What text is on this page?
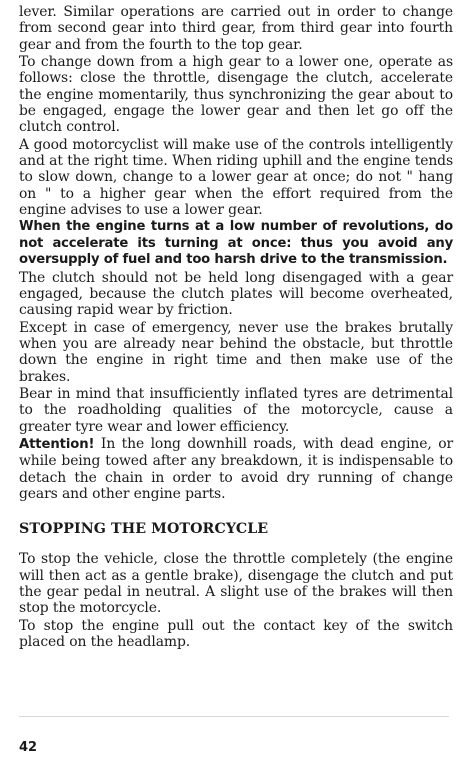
lever. Similar operations are carried out in order to change from second gear into third gear, from third gear into fourth gear and from the fourth to the top gear.

To change down from a high gear to a lower one, operate as follows: close the throttle, disengage the clutch, accelerate the engine momentarily, thus synchronizing the gear about to be engaged, engage the lower gear and then let go off the clutch control.

A good motorcyclist will make use of the controls intelligently and at the right time. When riding uphill and the engine tends to slow down, change to a lower gear at once; do not " hang on " to a higher gear when the effort required from the engine advises to use a lower gear.

When the engine turns at a low number of revolutions, do not accelerate its turning at once: thus you avoid any oversupply of fuel and too harsh drive to the transmission.

The clutch should not be held long disengaged with a gear engaged, because the clutch plates will become overheated, causing rapid wear by friction.

Except in case of emergency, never use the brakes brutally when you are already near behind the obstacle, but throttle down the engine in right time and then make use of the brakes.

Bear in mind that insufficiently inflated tyres are detrimental to the roadholding qualities of the motorcycle, cause a greater tyre wear and lower efficiency.

Attention! In the long downhill roads, with dead engine, or while being towed after any breakdown, it is indispensable to detach the chain in order to avoid dry running of change gears and other engine parts.

STOPPING THE MOTORCYCLE

To stop the vehicle, close the throttle completely (the engine will then act as a gentle brake), disengage the clutch and put the gear pedal in neutral. A slight use of the brakes will then stop the motorcycle.

To stop the engine pull out the contact key of the switch placed on the headlamp.

42
